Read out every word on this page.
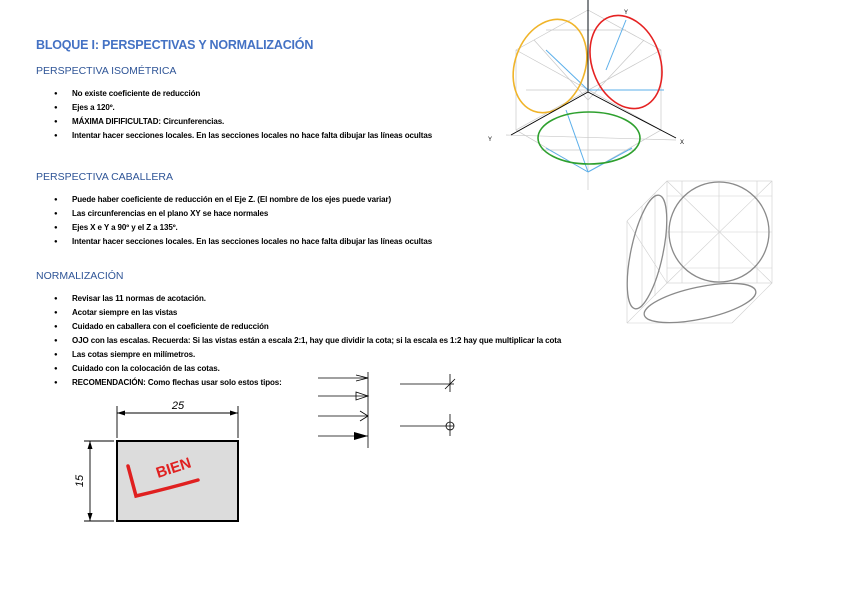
BLOQUE I: PERSPECTIVAS Y NORMALIZACIÓN
PERSPECTIVA ISOMÉTRICA
● No existe coeficiente de reducción
● Ejes a 120º.
● MÁXIMA DIFIFICULTAD: Circunferencias.
● Intentar hacer secciones locales. En las secciones locales no hace falta dibujar las líneas ocultas
PERSPECTIVA CABALLERA
● Puede haber coeficiente de reducción en el Eje Z. (El nombre de los ejes puede variar)
● Las circunferencias en el plano XY se hace normales
● Ejes X e Y a 90º y el Z a 135º.
● Intentar hacer secciones locales. En las secciones locales no hace falta dibujar las líneas ocultas
NORMALIZACIÓN
● Revisar las 11 normas de acotación.
● Acotar siempre en las vistas
● Cuidado en caballera con el coeficiente de reducción
● OJO con las escalas. Recuerda: Si las vistas están a escala 2:1, hay que dividir la cota; si la escala es 1:2 hay que multiplicar la cota
● Las cotas siempre en milímetros.
● Cuidado con la colocación de las cotas.
● RECOMENDACIÓN: Como flechas usar solo estos tipos:
Y
Y	X
25
15	BIEN
